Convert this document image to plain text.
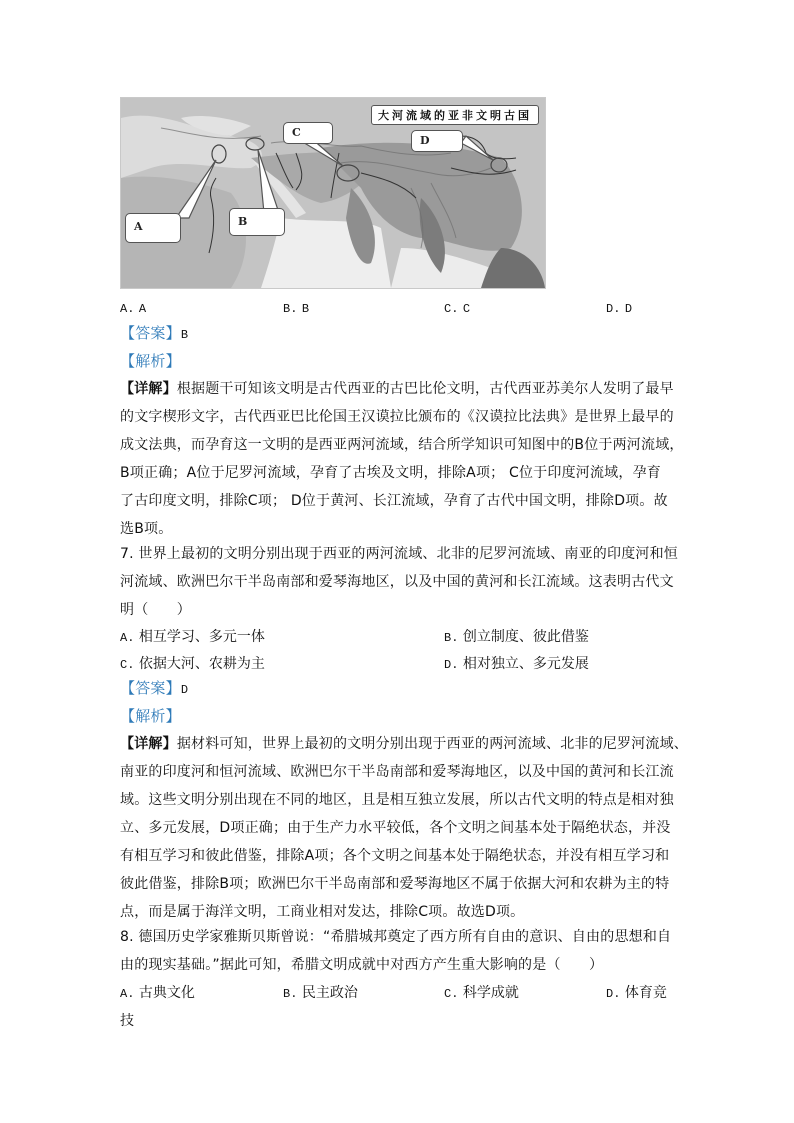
大河流域的亚非文明古国
A	B
C
D
A. A	B. B	C. C	D. D
【答案】B
【解析】
【详解】根据题干可知该文明是古代西亚的古巴比伦文明，古代西亚苏美尔人发明了最早
的文字楔形文字，古代西亚巴比伦国王汉谟拉比颁布的《汉谟拉比法典》是世界上最早的
成文法典，而孕育这一文明的是西亚两河流域，结合所学知识可知图中的B位于两河流域，
B项正确；A位于尼罗河流域，孕育了古埃及文明，排除A项； C位于印度河流域，孕育
了古印度文明，排除C项； D位于黄河、长江流域，孕育了古代中国文明，排除D项。故
选B项。
7. 世界上最初的文明分别出现于西亚的两河流域、北非的尼罗河流域、南亚的印度河和恒
河流域、欧洲巴尔干半岛南部和爱琴海地区，以及中国的黄河和长江流域。这表明古代文
明（　　）
A. 相互学习、多元一体	B. 创立制度、彼此借鉴
C. 依据大河、农耕为主	D. 相对独立、多元发展
【答案】D
【解析】
【详解】据材料可知，世界上最初的文明分别出现于西亚的两河流域、北非的尼罗河流域、
南亚的印度河和恒河流域、欧洲巴尔干半岛南部和爱琴海地区，以及中国的黄河和长江流
域。这些文明分别出现在不同的地区，且是相互独立发展，所以古代文明的特点是相对独
立、多元发展，D项正确；由于生产力水平较低，各个文明之间基本处于隔绝状态，并没
有相互学习和彼此借鉴，排除A项；各个文明之间基本处于隔绝状态，并没有相互学习和
彼此借鉴，排除B项；欧洲巴尔干半岛南部和爱琴海地区不属于依据大河和农耕为主的特
点，而是属于海洋文明，工商业相对发达，排除C项。故选D项。
8. 德国历史学家雅斯贝斯曾说：“希腊城邦奠定了西方所有自由的意识、自由的思想和自
由的现实基础。”据此可知，希腊文明成就中对西方产生重大影响的是（　　）
A. 古典文化	B. 民主政治	C. 科学成就	D. 体育竞
技
